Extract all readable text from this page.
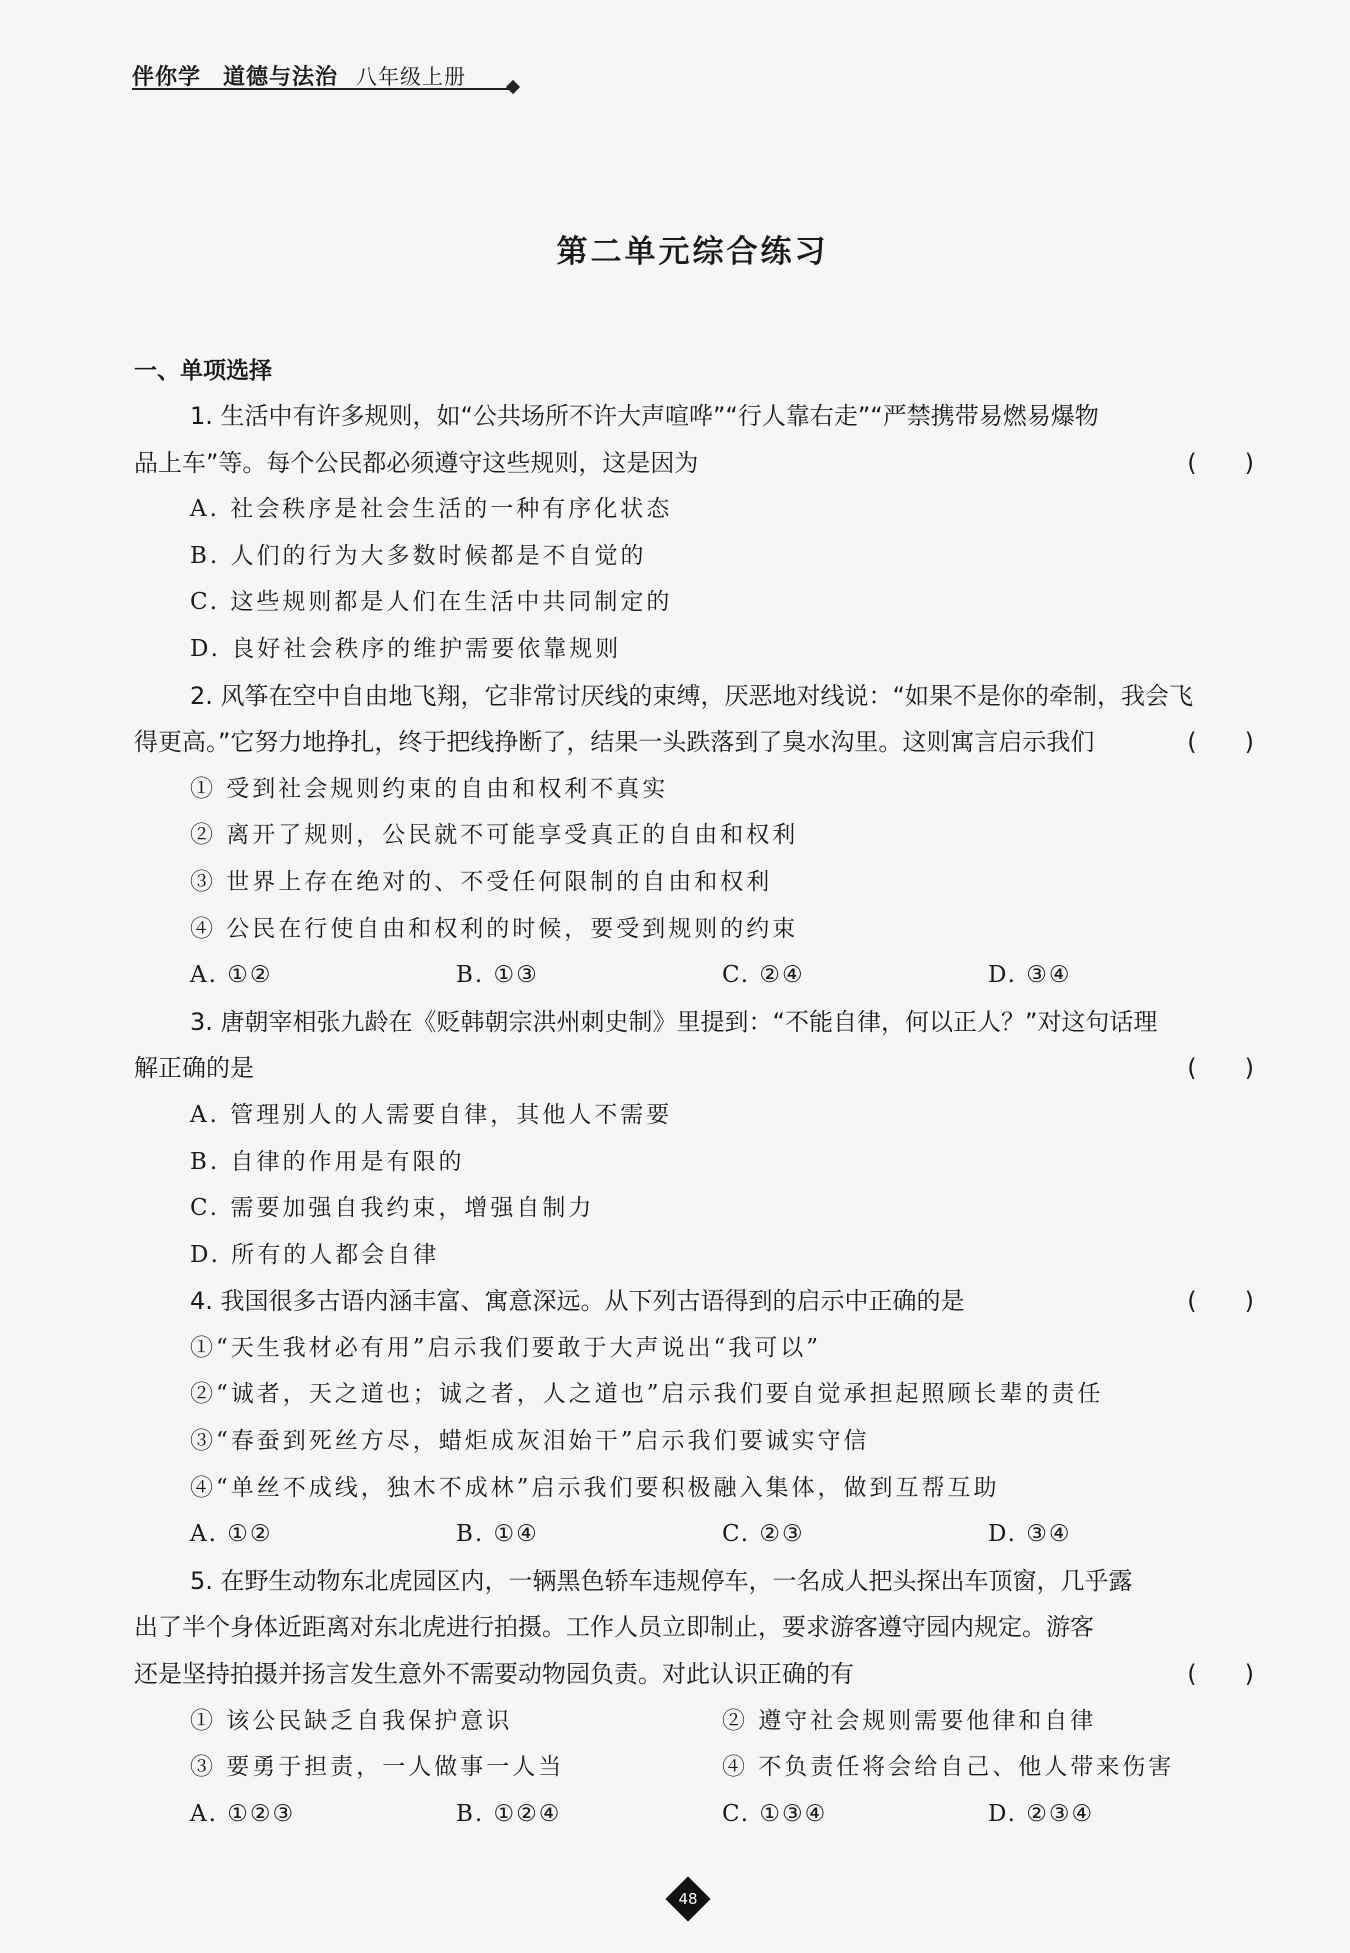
伴你学 道德与法治 八年级上册
第二单元综合练习
一、单项选择
1. 生活中有许多规则，如“公共场所不许大声喧哗”“行人靠右走”“严禁携带易燃易爆物
品上车”等。每个公民都必须遵守这些规则，这是因为	(　　)
A. 社会秩序是社会生活的一种有序化状态
B. 人们的行为大多数时候都是不自觉的
C. 这些规则都是人们在生活中共同制定的
D. 良好社会秩序的维护需要依靠规则
2. 风筝在空中自由地飞翔，它非常讨厌线的束缚，厌恶地对线说：“如果不是你的牵制，我会飞
得更高。”它努力地挣扎，终于把线挣断了，结果一头跌落到了臭水沟里。这则寓言启示我们	(　　)
① 受到社会规则约束的自由和权利不真实
② 离开了规则，公民就不可能享受真正的自由和权利
③ 世界上存在绝对的、不受任何限制的自由和权利
④ 公民在行使自由和权利的时候，要受到规则的约束
A. ①②	B. ①③	C. ②④	D. ③④
3. 唐朝宰相张九龄在《贬韩朝宗洪州刺史制》里提到：“不能自律，何以正人？”对这句话理
解正确的是	(　　)
A. 管理别人的人需要自律，其他人不需要
B. 自律的作用是有限的
C. 需要加强自我约束，增强自制力
D. 所有的人都会自律
4. 我国很多古语内涵丰富、寓意深远。从下列古语得到的启示中正确的是	(　　)
①“天生我材必有用”启示我们要敢于大声说出“我可以”
②“诚者，天之道也；诚之者，人之道也”启示我们要自觉承担起照顾长辈的责任
③“春蚕到死丝方尽，蜡炬成灰泪始干”启示我们要诚实守信
④“单丝不成线，独木不成林”启示我们要积极融入集体，做到互帮互助
A. ①②	B. ①④	C. ②③	D. ③④
5. 在野生动物东北虎园区内，一辆黑色轿车违规停车，一名成人把头探出车顶窗，几乎露
出了半个身体近距离对东北虎进行拍摄。工作人员立即制止，要求游客遵守园内规定。游客
还是坚持拍摄并扬言发生意外不需要动物园负责。对此认识正确的有	(　　)
① 该公民缺乏自我保护意识	② 遵守社会规则需要他律和自律
③ 要勇于担责，一人做事一人当	④ 不负责任将会给自己、他人带来伤害
A. ①②③	B. ①②④	C. ①③④	D. ②③④
48
